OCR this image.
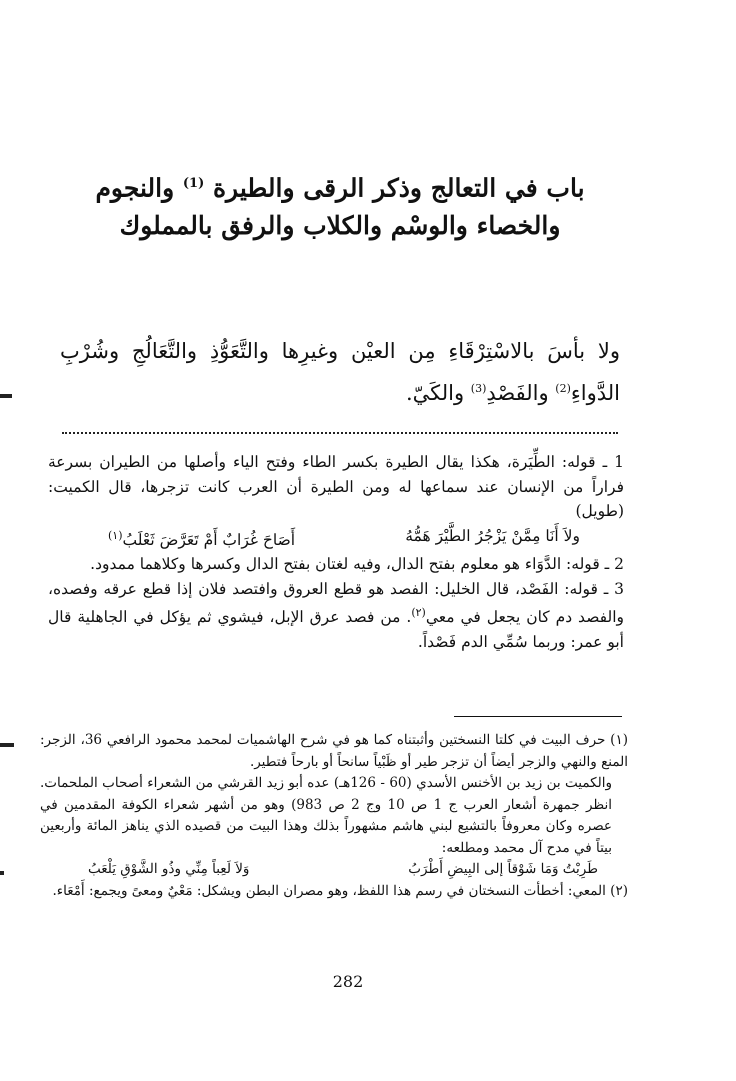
باب في التعالج وذكر الرقى والطيرة $^{(1)}$ والنجوم
والخصاء والوسْم والكلاب والرفق بالمملوك
ولا بأسَ بالاسْتِرْقَاءِ مِن العيْن وغيرِها والتَّعَوُّذِ والتَّعَالُجِ وشُرْبِ الدَّواءِ$^{(2)}$ والفَصْدِ$^{(3)}$ والكَيّ.

1 ـ قوله: الطِّيَرة، هكذا يقال الطيرة بكسر الطاء وفتح الياء وأصلها من الطيران بسرعة فراراً من الإنسان عند سماعها له ومن الطيرة أن العرب كانت تزجرها، قال الكميت: (طويل)

ولاَ أَنَا مِمَّنْ يَزْجُرُ الطَّيْرَ هَمُّهُ
أَصَاحَ غُرَابٌ أَمْ تَعَرَّضَ ثَعْلَبُ$^{(١)}$

2 ـ قوله: الدَّوَاء هو معلوم بفتح الدال، وفيه لغتان بفتح الدال وكسرها وكلاهما ممدود.

3 ـ قوله: الفَصْد، قال الخليل: الفصد هو قطع العروق وافتصد فلان إذا قطع عرقه وفصده، والفصد دم كان يجعل في معي$^{(٢)}$. من فصد عرق الإبل، فيشوي ثم يؤكل في الجاهلية قال أبو عمر: وربما سُمِّي الدم فَصْداً.

(١) حرف البيت في كلتا النسختين وأثبتناه كما هو في شرح الهاشميات لمحمد محمود الرافعي 36، الزجر: المنع والنهي والزجر أيضاً أن تزجر طير أو ظَبْياً سانحاً أو بارحاً فتطير.

والكميت بن زيد بن الأخنس الأسدي (60 - 126هـ) عده أبو زيد القرشي من الشعراء أصحاب الملحمات. انظر جمهرة أشعار العرب ج 1 ص 10 وج 2 ص 983) وهو من أشهر شعراء الكوفة المقدمين في عصره وكان معروفاً بالتشيع لبني هاشم مشهوراً بذلك وهذا البيت من قصيده الذي يناهز المائة وأربعين بيتاً في مدح آل محمد ومطلعه:

طَرِبْتُ وَمَا شَوْقاً إلى البِيضِ أَطْرَبُ
وَلاَ لَعِباً مِنِّي وذُو الشَّوْقِ يَلْعَبُ

(٢) المعي: أخطأت النسختان في رسم هذا اللفظ، وهو مصران البطن ويشكل: مَعْيٌ ومعىً ويجمع: أَمْعَاء.

282
